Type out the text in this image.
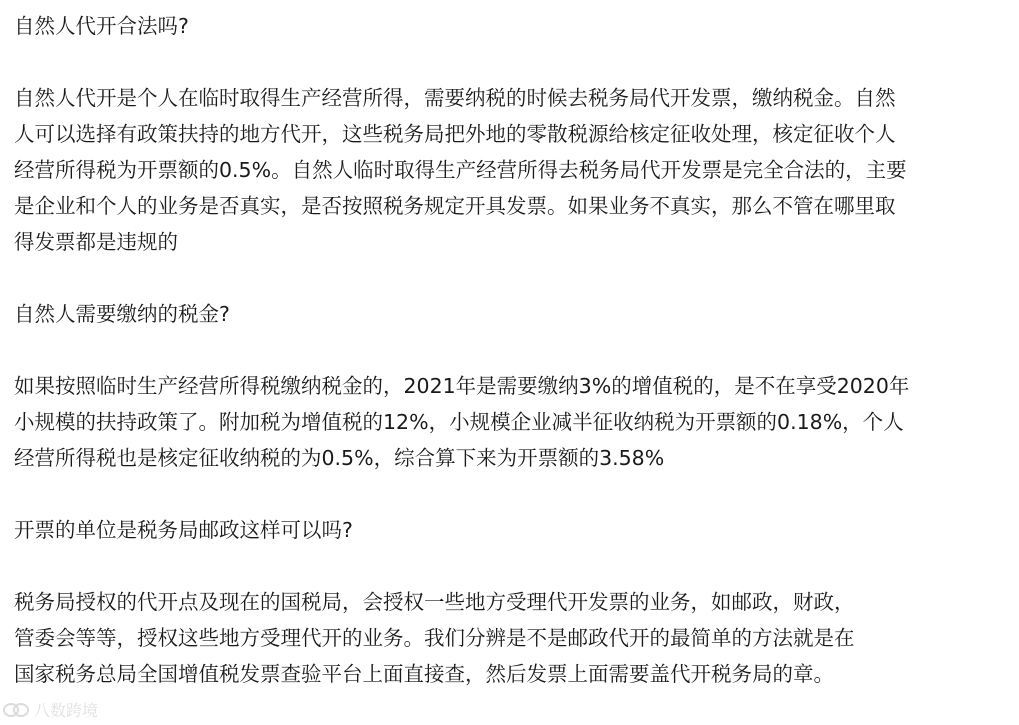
自然人代开合法吗?

自然人代开是个人在临时取得生产经营所得，需要纳税的时候去税务局代开发票，缴纳税金。自然

人可以选择有政策扶持的地方代开，这些税务局把外地的零散税源给核定征收处理，核定征收个人

经营所得税为开票额的0.5%。自然人临时取得生产经营所得去税务局代开发票是完全合法的，主要

是企业和个人的业务是否真实，是否按照税务规定开具发票。如果业务不真实，那么不管在哪里取

得发票都是违规的

自然人需要缴纳的税金?

如果按照临时生产经营所得税缴纳税金的，2021年是需要缴纳3%的增值税的，是不在享受2020年

小规模的扶持政策了。附加税为增值税的12%，小规模企业减半征收纳税为开票额的0.18%，个人

经营所得税也是核定征收纳税的为0.5%，综合算下来为开票额的3.58%

开票的单位是税务局邮政这样可以吗?

税务局授权的代开点及现在的国税局，会授权一些地方受理代开发票的业务，如邮政，财政，

管委会等等，授权这些地方受理代开的业务。我们分辨是不是邮政代开的最简单的方法就是在

国家税务总局全国增值税发票查验平台上面直接查，然后发票上面需要盖代开税务局的章。

八数跨境
